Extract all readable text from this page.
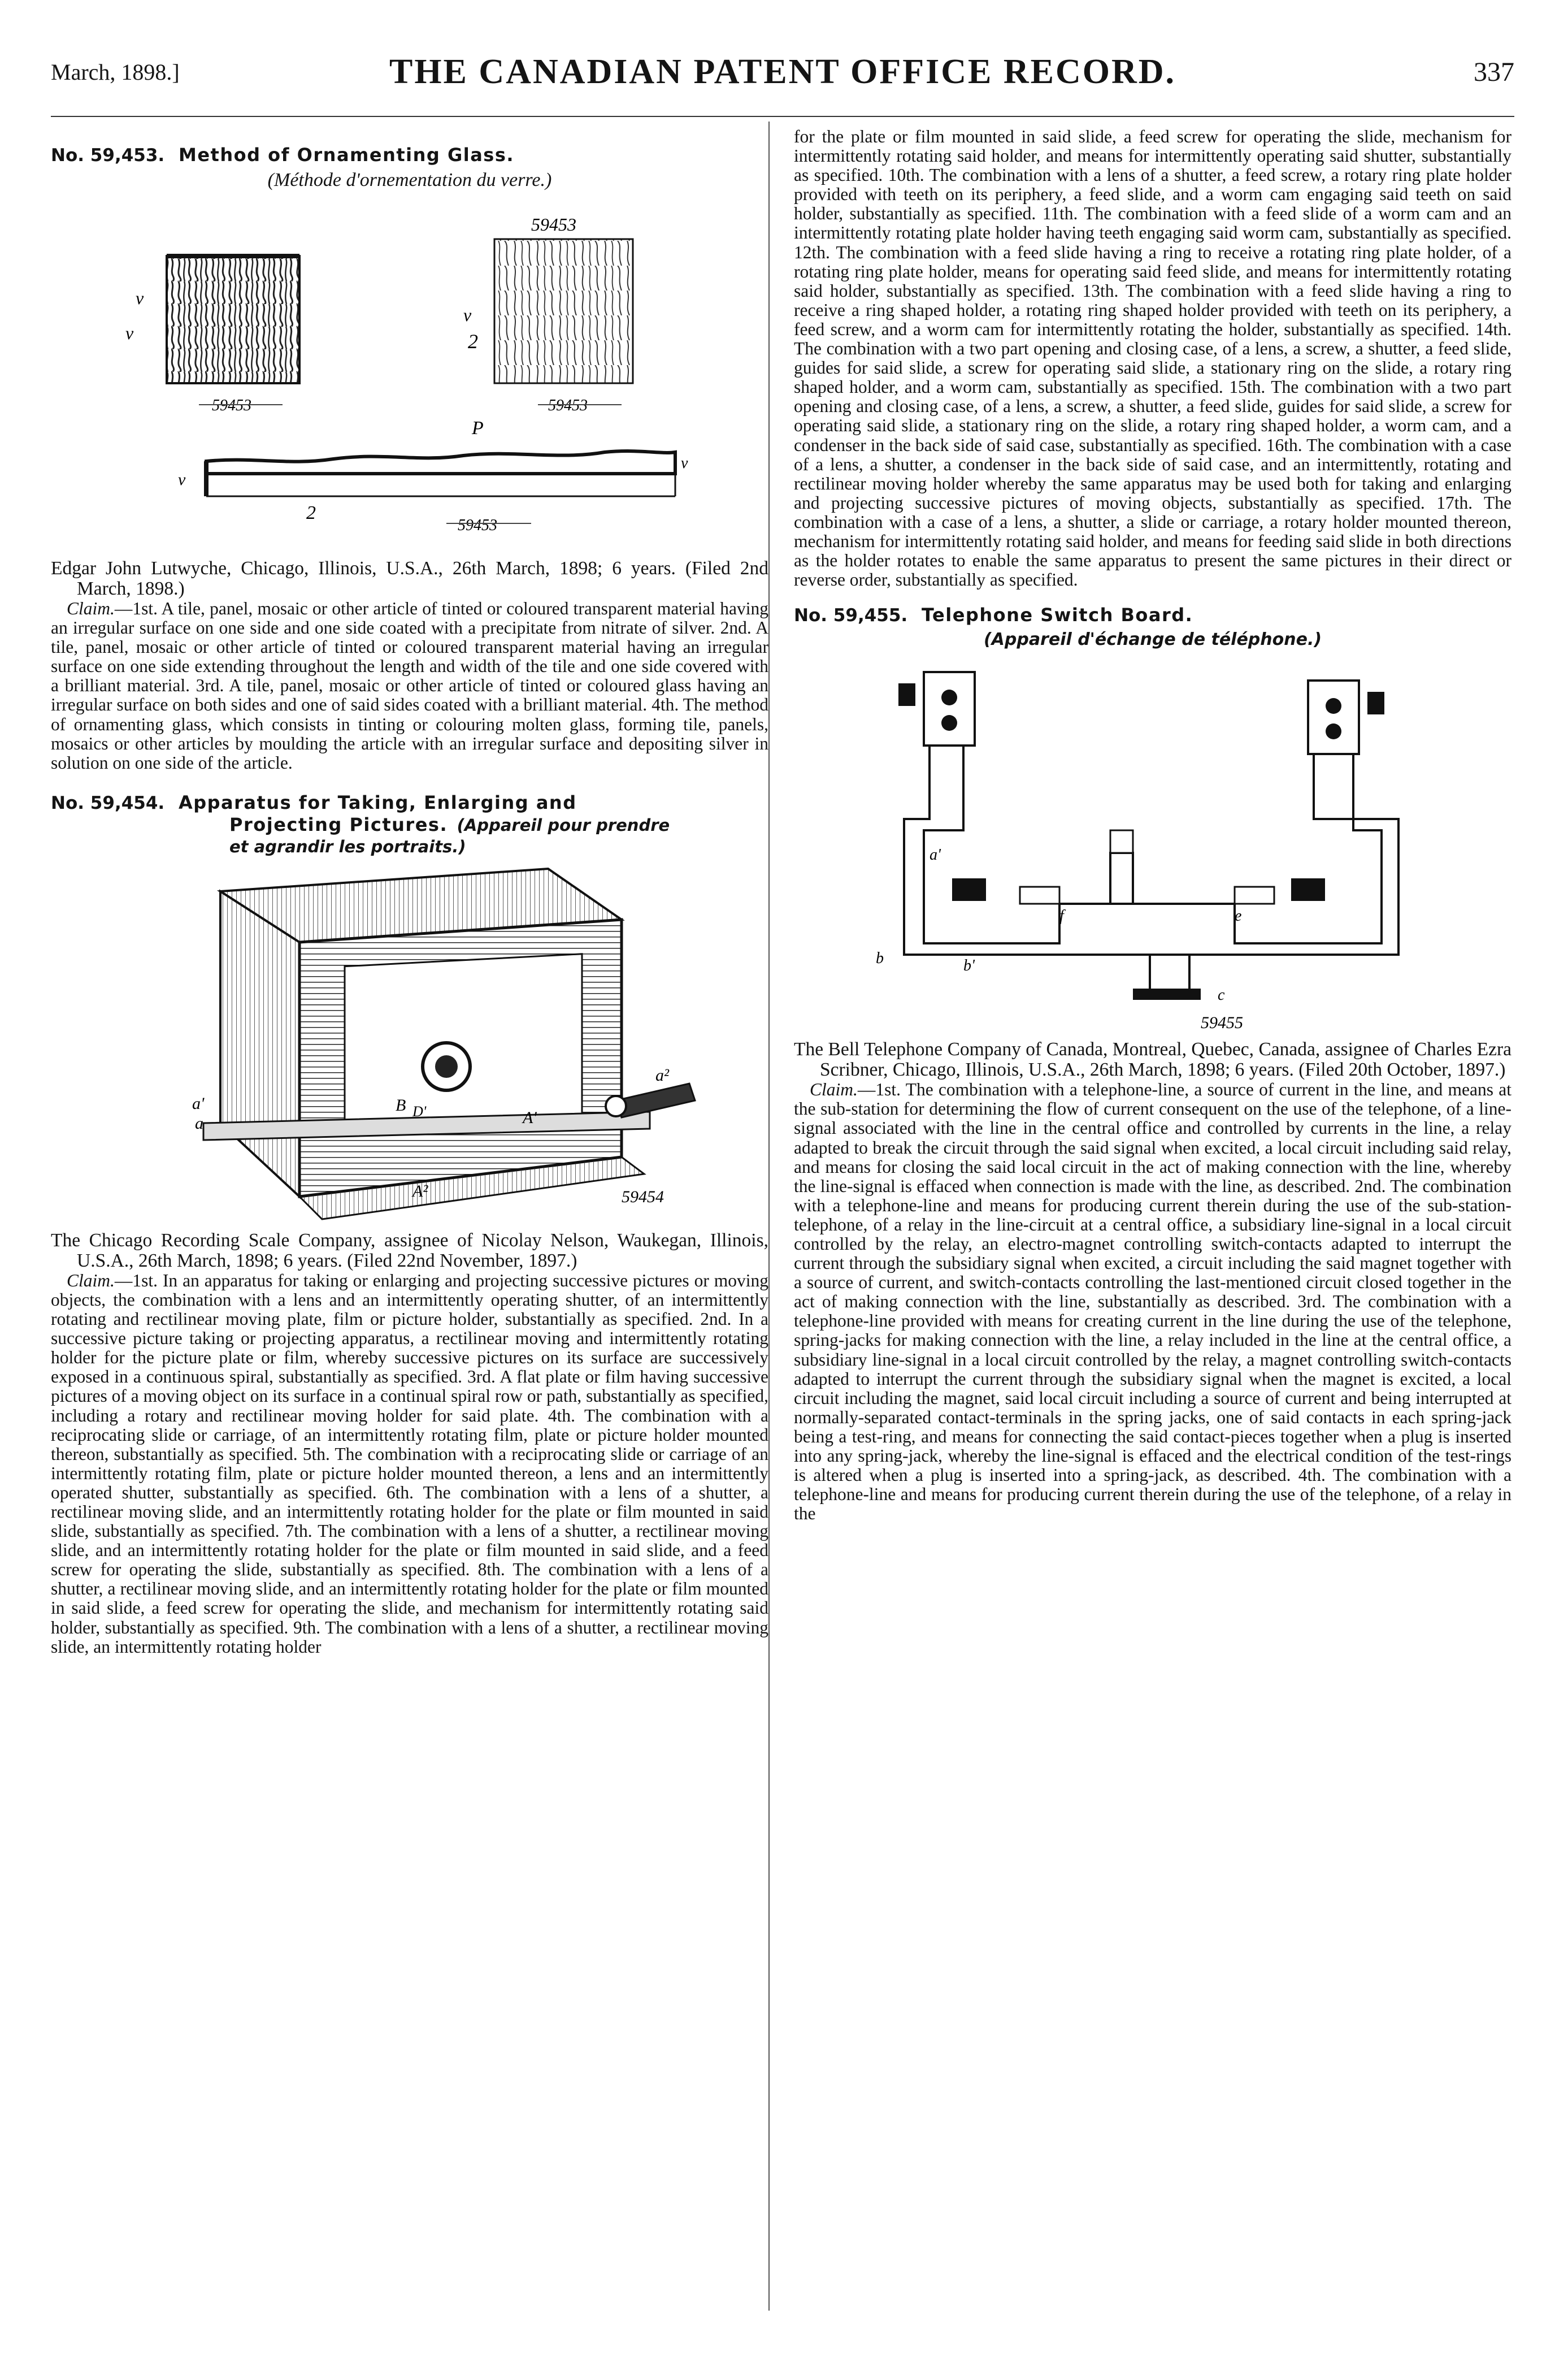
March, 1898.]	THE CANADIAN PATENT OFFICE RECORD.	337

No. 59,453. Method of Ornamenting Glass.

(Méthode d'ornementation du verre.)

v
v
59453
59453
v
2
59453
P
v
2
v
59453

Edgar John Lutwyche, Chicago, Illinois, U.S.A., 26th March, 1898; 6 years. (Filed 2nd March, 1898.)

Claim.—1st. A tile, panel, mosaic or other article of tinted or coloured transparent material having an irregular surface on one side and one side coated with a precipitate from nitrate of silver. 2nd. A tile, panel, mosaic or other article of tinted or coloured transparent material having an irregular surface on one side extending throughout the length and width of the tile and one side covered with a brilliant material. 3rd. A tile, panel, mosaic or other article of tinted or coloured glass having an irregular surface on both sides and one of said sides coated with a brilliant material. 4th. The method of ornamenting glass, which consists in tinting or colouring molten glass, forming tile, panels, mosaics or other articles by moulding the article with an irregular surface and depositing silver in solution on one side of the article.

No. 59,454. Apparatus for Taking, Enlarging and

Projecting Pictures. (Appareil pour prendre

et agrandir les portraits.)

a
a'
a²
B D'	A'
A²	59454

The Chicago Recording Scale Company, assignee of Nicolay Nelson, Waukegan, Illinois, U.S.A., 26th March, 1898; 6 years. (Filed 22nd November, 1897.)

Claim.—1st. In an apparatus for taking or enlarging and projecting successive pictures or moving objects, the combination with a lens and an intermittently operating shutter, of an intermittently rotating and rectilinear moving plate, film or picture holder, substantially as specified. 2nd. In a successive picture taking or projecting apparatus, a rectilinear moving and intermittently rotating holder for the picture plate or film, whereby successive pictures on its surface are successively exposed in a continuous spiral, substantially as specified. 3rd. A flat plate or film having successive pictures of a moving object on its surface in a continual spiral row or path, substantially as specified, including a rotary and rectilinear moving holder for said plate. 4th. The combination with a reciprocating slide or carriage, of an intermittently rotating film, plate or picture holder mounted thereon, substantially as specified. 5th. The combination with a reciprocating slide or carriage of an intermittently rotating film, plate or picture holder mounted thereon, a lens and an intermittently operated shutter, substantially as specified. 6th. The combination with a lens of a shutter, a rectilinear moving slide, and an intermittently rotating holder for the plate or film mounted in said slide, substantially as specified. 7th. The combination with a lens of a shutter, a rectilinear moving slide, and an intermittently rotating holder for the plate or film mounted in said slide, and a feed screw for operating the slide, substantially as specified. 8th. The combination with a lens of a shutter, a rectilinear moving slide, and an intermittently rotating holder for the plate or film mounted in said slide, a feed screw for operating the slide, and mechanism for intermittently rotating said holder, substantially as specified. 9th. The combination with a lens of a shutter, a rectilinear moving slide, an intermittently rotating holder

for the plate or film mounted in said slide, a feed screw for operating the slide, mechanism for intermittently rotating said holder, and means for intermittently operating said shutter, substantially as specified. 10th. The combination with a lens of a shutter, a feed screw, a rotary ring plate holder provided with teeth on its periphery, a feed slide, and a worm cam engaging said teeth on said holder, substantially as specified. 11th. The combination with a feed slide of a worm cam and an intermittently rotating plate holder having teeth engaging said worm cam, substantially as specified. 12th. The combination with a feed slide having a ring to receive a rotating ring plate holder, of a rotating ring plate holder, means for operating said feed slide, and means for intermittently rotating said holder, substantially as specified. 13th. The combination with a feed slide having a ring to receive a ring shaped holder, a rotating ring shaped holder provided with teeth on its periphery, a feed screw, and a worm cam for intermittently rotating the holder, substantially as specified. 14th. The combination with a two part opening and closing case, of a lens, a screw, a shutter, a feed slide, guides for said slide, a screw for operating said slide, a stationary ring on the slide, a rotary ring shaped holder, and a worm cam, substantially as specified. 15th. The combination with a two part opening and closing case, of a lens, a screw, a shutter, a feed slide, guides for said slide, a screw for operating said slide, a stationary ring on the slide, a rotary ring shaped holder, a worm cam, and a condenser in the back side of said case, substantially as specified. 16th. The combination with a case of a lens, a shutter, a condenser in the back side of said case, and an intermittently, rotating and rectilinear moving holder whereby the same apparatus may be used both for taking and enlarging and projecting successive pictures of moving objects, substantially as specified. 17th. The combination with a case of a lens, a shutter, a slide or carriage, a rotary holder mounted thereon, mechanism for intermittently rotating said holder, and means for feeding said slide in both directions as the holder rotates to enable the same apparatus to present the same pictures in their direct or reverse order, substantially as specified.

No. 59,455. Telephone Switch Board.

(Appareil d'échange de téléphone.)

a'
b	b'
c
f	e
59455

The Bell Telephone Company of Canada, Montreal, Quebec, Canada, assignee of Charles Ezra Scribner, Chicago, Illinois, U.S.A., 26th March, 1898; 6 years. (Filed 20th October, 1897.)

Claim.—1st. The combination with a telephone-line, a source of current in the line, and means at the sub-station for determining the flow of current consequent on the use of the telephone, of a line-signal associated with the line in the central office and controlled by currents in the line, a relay adapted to break the circuit through the said signal when excited, a local circuit including said relay, and means for closing the said local circuit in the act of making connection with the line, whereby the line-signal is effaced when connection is made with the line, as described. 2nd. The combination with a telephone-line and means for producing current therein during the use of the sub-station-telephone, of a relay in the line-circuit at a central office, a subsidiary line-signal in a local circuit controlled by the relay, an electro-magnet controlling switch-contacts adapted to interrupt the current through the subsidiary signal when excited, a circuit including the said magnet together with a source of current, and switch-contacts controlling the last-mentioned circuit closed together in the act of making connection with the line, substantially as described. 3rd. The combination with a telephone-line provided with means for creating current in the line during the use of the telephone, spring-jacks for making connection with the line, a relay included in the line at the central office, a subsidiary line-signal in a local circuit controlled by the relay, a magnet controlling switch-contacts adapted to interrupt the current through the subsidiary signal when the magnet is excited, a local circuit including the magnet, said local circuit including a source of current and being interrupted at normally-separated contact-terminals in the spring jacks, one of said contacts in each spring-jack being a test-ring, and means for connecting the said contact-pieces together when a plug is inserted into any spring-jack, whereby the line-signal is effaced and the electrical condition of the test-rings is altered when a plug is inserted into a spring-jack, as described. 4th. The combination with a telephone-line and means for producing current therein during the use of the telephone, of a relay in the
